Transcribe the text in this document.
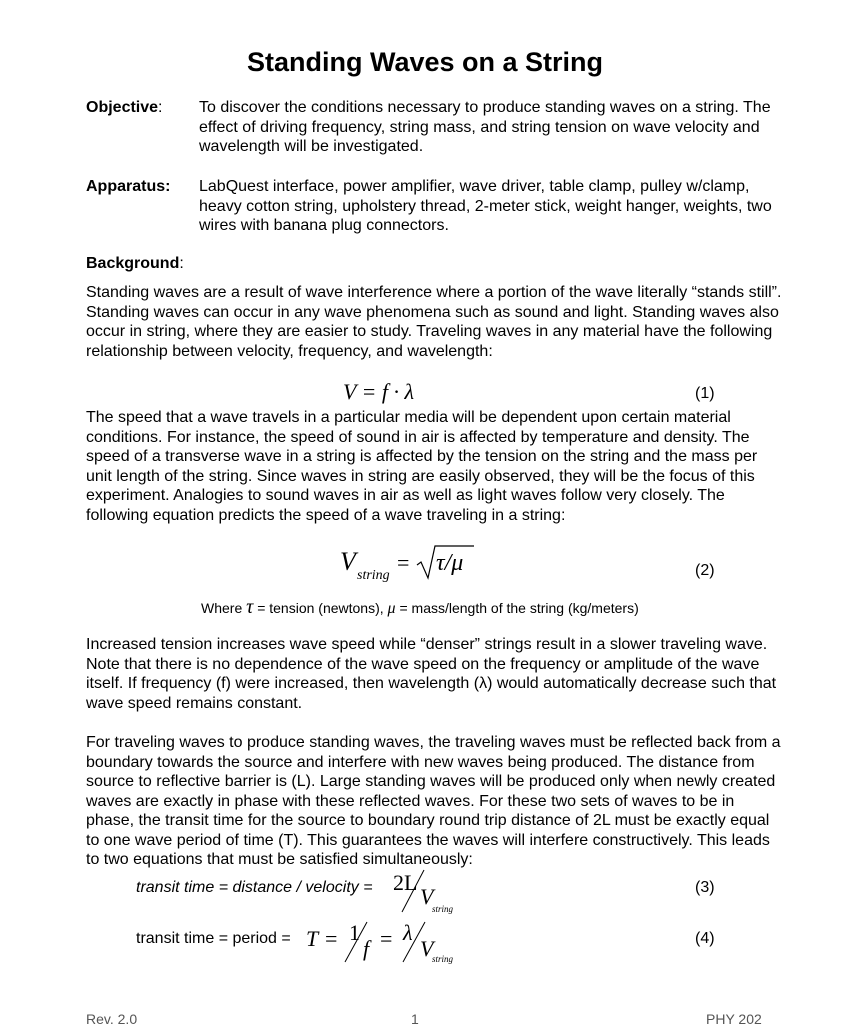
Standing Waves on a String
Objective: To discover the conditions necessary to produce standing waves on a string. The effect of driving frequency, string mass, and string tension on wave velocity and wavelength will be investigated.
Apparatus: LabQuest interface, power amplifier, wave driver, table clamp, pulley w/clamp, heavy cotton string, upholstery thread, 2-meter stick, weight hanger, weights, two wires with banana plug connectors.
Background:
Standing waves are a result of wave interference where a portion of the wave literally “stands still”. Standing waves can occur in any wave phenomena such as sound and light. Standing waves also occur in string, where they are easier to study. Traveling waves in any material have the following relationship between velocity, frequency, and wavelength:
V = f · λ	(1)
The speed that a wave travels in a particular media will be dependent upon certain material conditions. For instance, the speed of sound in air is affected by temperature and density. The speed of a transverse wave in a string is affected by the tension on the string and the mass per unit length of the string. Since waves in string are easily observed, they will be the focus of this experiment. Analogies to sound waves in air as well as light waves follow very closely. The following equation predicts the speed of a wave traveling in a string:
V string
= τ/μ	(2)
Where τ = tension (newtons), μ = mass/length of the string (kg/meters)
Increased tension increases wave speed while “denser” strings result in a slower traveling wave. Note that there is no dependence of the wave speed on the frequency or amplitude of the wave itself. If frequency (f) were increased, then wavelength (λ) would automatically decrease such that wave speed remains constant.
For traveling waves to produce standing waves, the traveling waves must be reflected back from a boundary towards the source and interfere with new waves being produced. The distance from source to reflective barrier is (L). Large standing waves will be produced only when newly created waves are exactly in phase with these reflected waves. For these two sets of waves to be in phase, the transit time for the source to boundary round trip distance of 2L must be exactly equal to one wave period of time (T). This guarantees the waves will interfere constructively. This leads to two equations that must be satisfied simultaneously:
transit time = distance / velocity = 2L
V
string
(3)
transit time = period = T = 1
f = λ
V
string
(4)
Rev. 2.0	1	PHY 202
